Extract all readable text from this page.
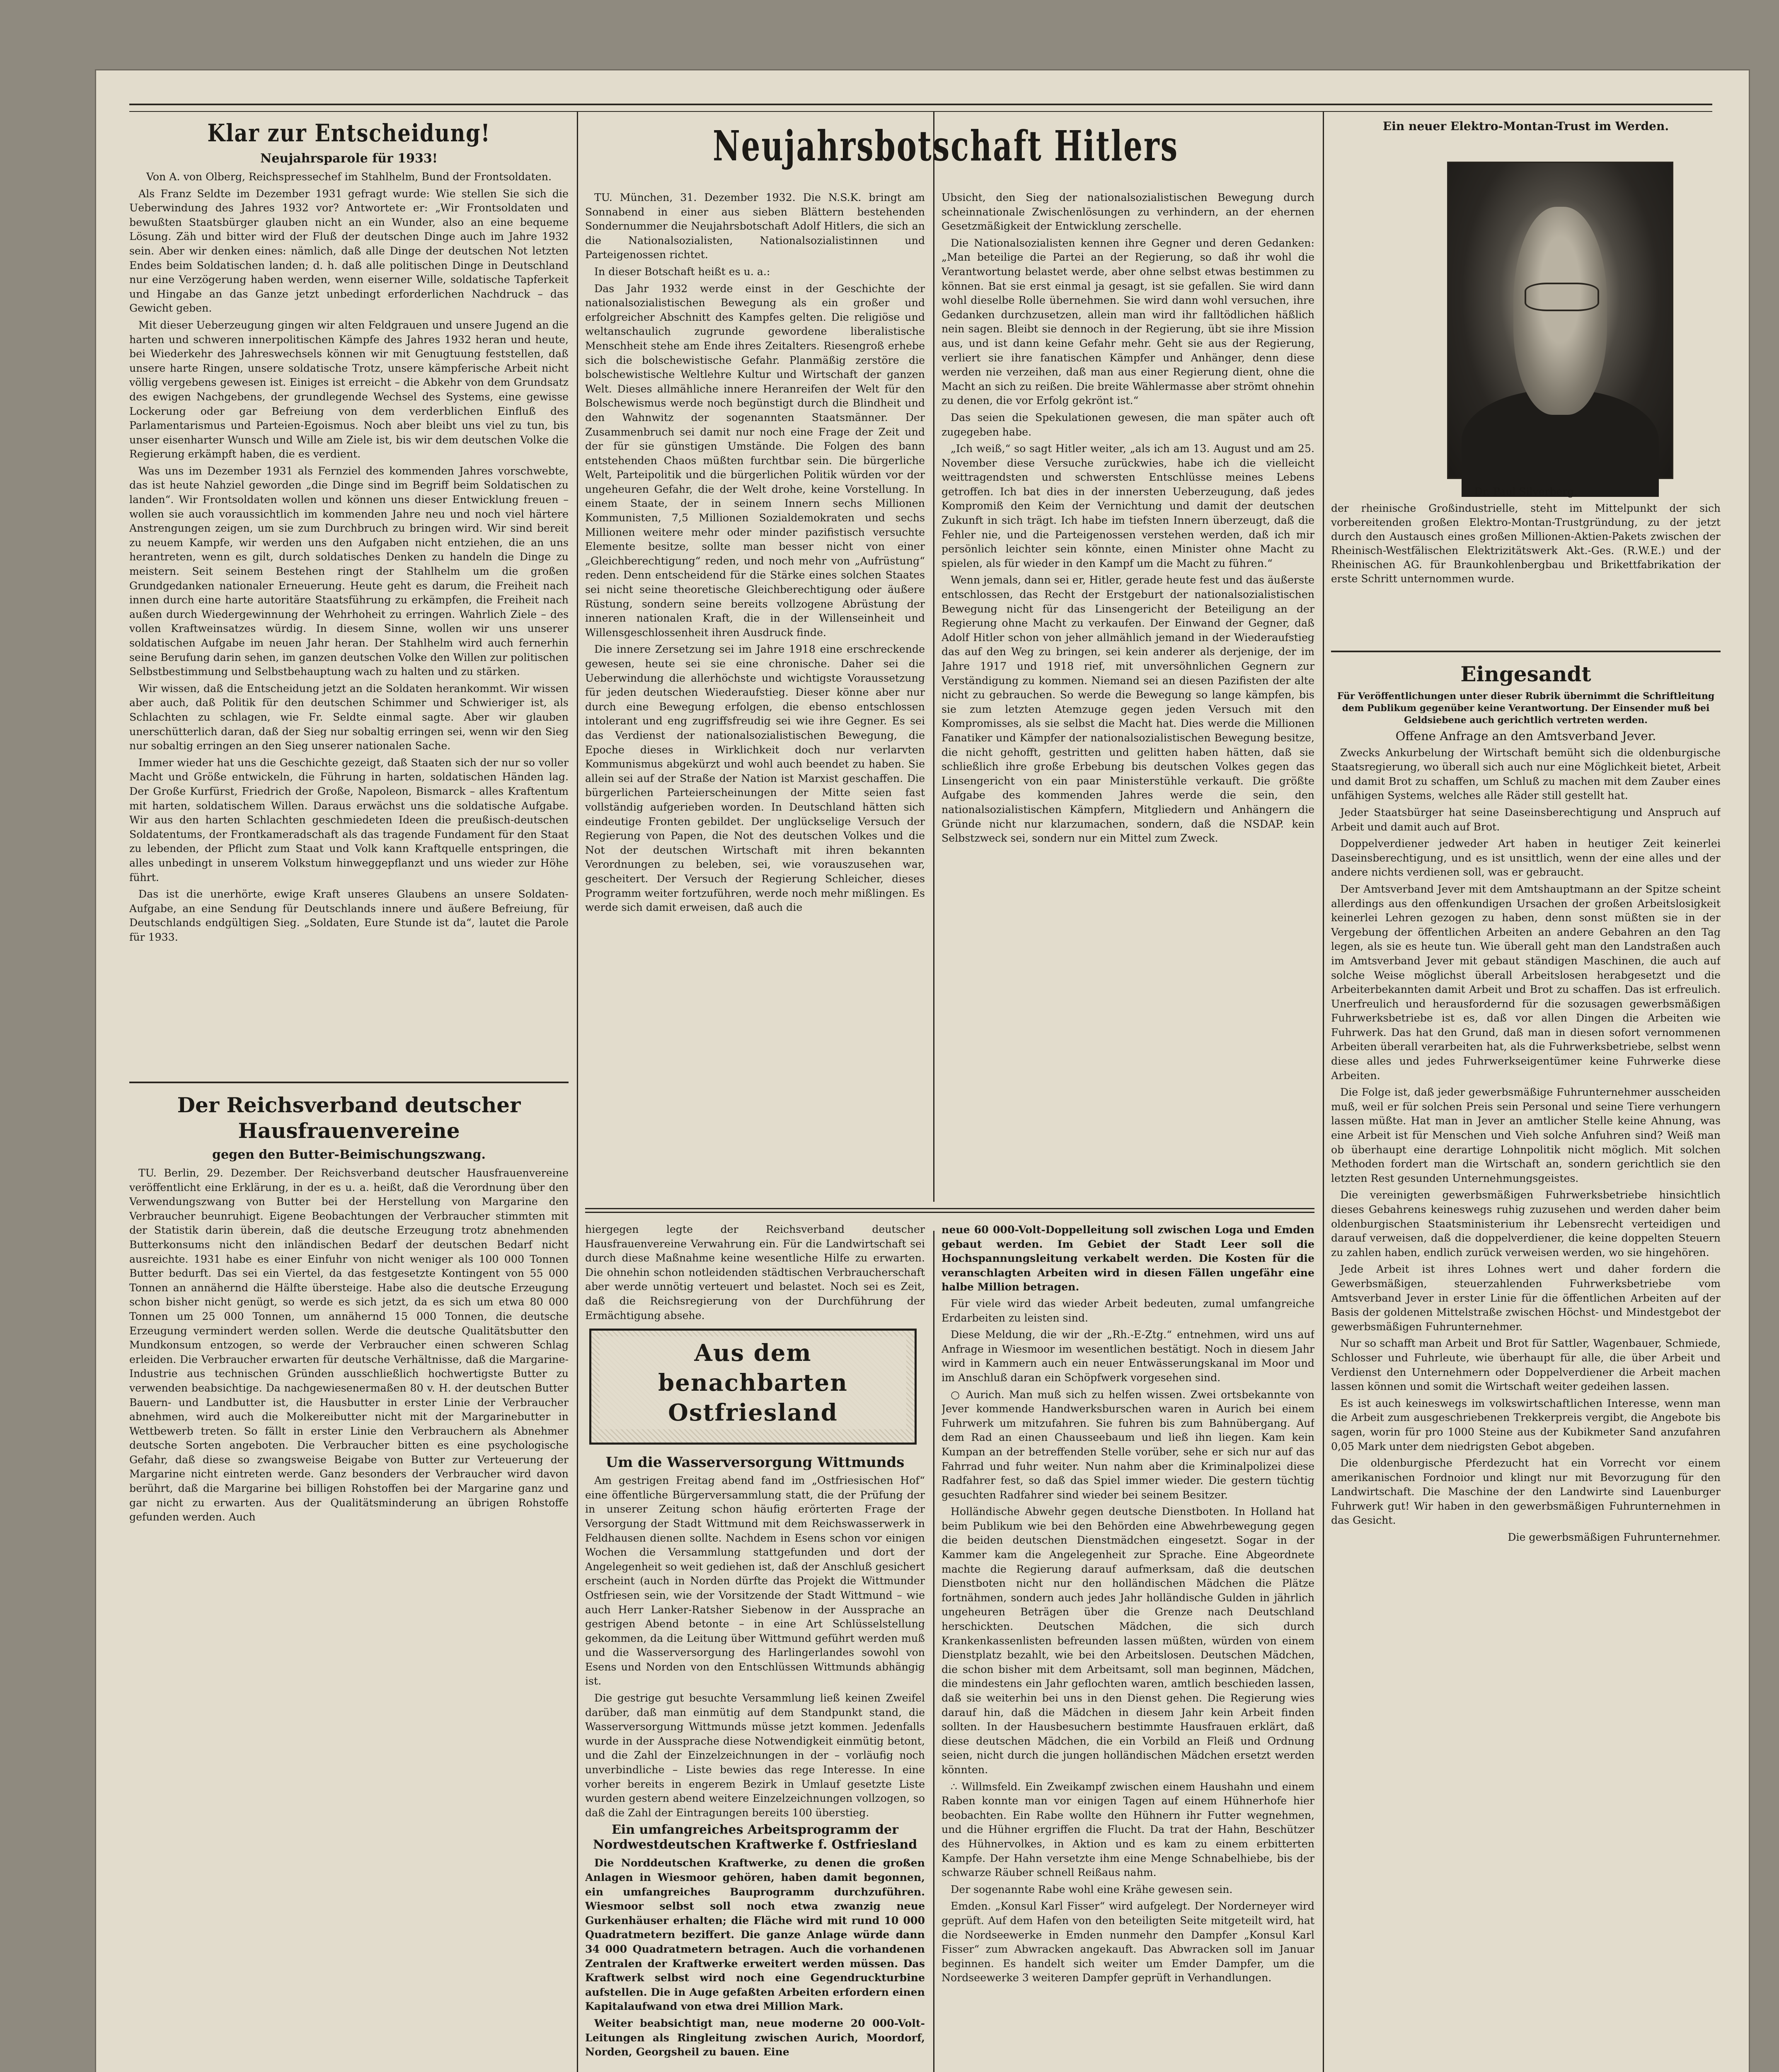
Klar zur Entscheidung!
Neujahrsparole für 1933!

Von A. von Olberg, Reichspressechef im Stahlhelm, Bund der Frontsoldaten.

Als Franz Seldte im Dezember 1931 gefragt wurde: Wie stellen Sie sich die Ueberwindung des Jahres 1932 vor? Antwortete er: „Wir Frontsoldaten und bewußten Staatsbürger glauben nicht an ein Wunder, also an eine bequeme Lösung. Zäh und bitter wird der Fluß der deutschen Dinge auch im Jahre 1932 sein. Aber wir denken eines: nämlich, daß alle Dinge der deutschen Not letzten Endes beim Soldatischen landen; d. h. daß alle politischen Dinge in Deutschland nur eine Verzögerung haben werden, wenn eiserner Wille, soldatische Tapferkeit und Hingabe an das Ganze jetzt unbedingt erforderlichen Nachdruck – das Gewicht geben.

Mit dieser Ueberzeugung gingen wir alten Feldgrauen und unsere Jugend an die harten und schweren innerpolitischen Kämpfe des Jahres 1932 heran und heute, bei Wiederkehr des Jahreswechsels können wir mit Genugtuung feststellen, daß unsere harte Ringen, unsere soldatische Trotz, unsere kämpferische Arbeit nicht völlig vergebens gewesen ist. Einiges ist erreicht – die Abkehr von dem Grundsatz des ewigen Nachgebens, der grundlegende Wechsel des Systems, eine gewisse Lockerung oder gar Befreiung von dem verderblichen Einfluß des Parlamentarismus und Parteien-Egoismus. Noch aber bleibt uns viel zu tun, bis unser eisenharter Wunsch und Wille am Ziele ist, bis wir dem deutschen Volke die Regierung erkämpft haben, die es verdient.

Was uns im Dezember 1931 als Fernziel des kommenden Jahres vorschwebte, das ist heute Nahziel geworden „die Dinge sind im Begriff beim Soldatischen zu landen“. Wir Frontsoldaten wollen und können uns dieser Entwicklung freuen – wollen sie auch voraussichtlich im kommenden Jahre neu und noch viel härtere Anstrengungen zeigen, um sie zum Durchbruch zu bringen wird. Wir sind bereit zu neuem Kampfe, wir werden uns den Aufgaben nicht entziehen, die an uns herantreten, wenn es gilt, durch soldatisches Denken zu handeln die Dinge zu meistern. Seit seinem Bestehen ringt der Stahlhelm um die großen Grundgedanken nationaler Erneuerung. Heute geht es darum, die Freiheit nach innen durch eine harte autoritäre Staatsführung zu erkämpfen, die Freiheit nach außen durch Wiedergewinnung der Wehrhoheit zu erringen. Wahrlich Ziele – des vollen Kraftweinsatzes würdig. In diesem Sinne, wollen wir uns unserer soldatischen Aufgabe im neuen Jahr heran. Der Stahlhelm wird auch fernerhin seine Berufung darin sehen, im ganzen deutschen Volke den Willen zur politischen Selbstbestimmung und Selbstbehauptung wach zu halten und zu stärken.

Wir wissen, daß die Entscheidung jetzt an die Soldaten herankommt. Wir wissen aber auch, daß Politik für den deutschen Schimmer und Schwieriger ist, als Schlachten zu schlagen, wie Fr. Seldte einmal sagte. Aber wir glauben unerschütterlich daran, daß der Sieg nur sobaltig erringen sei, wenn wir den Sieg nur sobaltig erringen an den Sieg unserer nationalen Sache.

Immer wieder hat uns die Geschichte gezeigt, daß Staaten sich der nur so voller Macht und Größe entwickeln, die Führung in harten, soldatischen Händen lag. Der Große Kurfürst, Friedrich der Große, Napoleon, Bismarck – alles Kraftentum mit harten, soldatischem Willen. Daraus erwächst uns die soldatische Aufgabe. Wir aus den harten Schlachten geschmiedeten Ideen die preußisch-deutschen Soldatentums, der Frontkameradschaft als das tragende Fundament für den Staat zu lebenden, der Pflicht zum Staat und Volk kann Kraftquelle entspringen, die alles unbedingt in unserem Volkstum hinweggepflanzt und uns wieder zur Höhe führt.

Das ist die unerhörte, ewige Kraft unseres Glaubens an unsere Soldaten-Aufgabe, an eine Sendung für Deutschlands innere und äußere Befreiung, für Deutschlands endgültigen Sieg. „Soldaten, Eure Stunde ist da“, lautet die Parole für 1933.

Der Reichsverband deutscher Hausfrauenvereine
gegen den Butter-Beimischungszwang.

TU. Berlin, 29. Dezember. Der Reichsverband deutscher Hausfrauenvereine veröffentlicht eine Erklärung, in der es u. a. heißt, daß die Verordnung über den Verwendungszwang von Butter bei der Herstellung von Margarine den Verbraucher beunruhigt. Eigene Beobachtungen der Verbraucher stimmten mit der Statistik darin überein, daß die deutsche Erzeugung trotz abnehmenden Butterkonsums nicht den inländischen Bedarf der deutschen Bedarf nicht ausreichte. 1931 habe es einer Einfuhr von nicht weniger als 100 000 Tonnen Butter bedurft. Das sei ein Viertel, da das festgesetzte Kontingent von 55 000 Tonnen an annähernd die Hälfte übersteige. Habe also die deutsche Erzeugung schon bisher nicht genügt, so werde es sich jetzt, da es sich um etwa 80 000 Tonnen um 25 000 Tonnen, um annähernd 15 000 Tonnen, die deutsche Erzeugung vermindert werden sollen. Werde die deutsche Qualitätsbutter den Mundkonsum entzogen, so werde der Verbraucher einen schweren Schlag erleiden. Die Verbraucher erwarten für deutsche Verhältnisse, daß die Margarine-Industrie aus technischen Gründen ausschließlich hochwertigste Butter zu verwenden beabsichtige. Da nachgewiesenermaßen 80 v. H. der deutschen Butter Bauern- und Landbutter ist, die Hausbutter in erster Linie der Verbraucher abnehmen, wird auch die Molkereibutter nicht mit der Margarinebutter in Wettbewerb treten. So fällt in erster Linie den Verbrauchern als Abnehmer deutsche Sorten angeboten. Die Verbraucher bitten es eine psychologische Gefahr, daß diese so zwangsweise Beigabe von Butter zur Verteuerung der Margarine nicht eintreten werde. Ganz besonders der Verbraucher wird davon berührt, daß die Margarine bei billigen Rohstoffen bei der Margarine ganz und gar nicht zu erwarten. Aus der Qualitätsminderung an übrigen Rohstoffe gefunden werden. Auch

Neujahrsbotschaft Hitlers

TU. München, 31. Dezember 1932. Die N.S.K. bringt am Sonnabend in einer aus sieben Blättern bestehenden Sondernummer die Neujahrsbotschaft Adolf Hitlers, die sich an die Nationalsozialisten, Nationalsozialistinnen und Parteigenossen richtet.

In dieser Botschaft heißt es u. a.:

Das Jahr 1932 werde einst in der Geschichte der nationalsozialistischen Bewegung als ein großer und erfolgreicher Abschnitt des Kampfes gelten. Die religiöse und weltanschaulich zugrunde gewordene liberalistische Menschheit stehe am Ende ihres Zeitalters. Riesengroß erhebe sich die bolschewistische Gefahr. Planmäßig zerstöre die bolschewistische Weltlehre Kultur und Wirtschaft der ganzen Welt. Dieses allmähliche innere Heranreifen der Welt für den Bolschewismus werde noch begünstigt durch die Blindheit und den Wahnwitz der sogenannten Staatsmänner. Der Zusammenbruch sei damit nur noch eine Frage der Zeit und der für sie günstigen Umstände. Die Folgen des bann entstehenden Chaos müßten furchtbar sein. Die bürgerliche Welt, Parteipolitik und die bürgerlichen Politik würden vor der ungeheuren Gefahr, die der Welt drohe, keine Vorstellung. In einem Staate, der in seinem Innern sechs Millionen Kommunisten, 7,5 Millionen Sozialdemokraten und sechs Millionen weitere mehr oder minder pazifistisch versuchte Elemente besitze, sollte man besser nicht von einer „Gleichberechtigung“ reden, und noch mehr von „Aufrüstung“ reden. Denn entscheidend für die Stärke eines solchen Staates sei nicht seine theoretische Gleichberechtigung oder äußere Rüstung, sondern seine bereits vollzogene Abrüstung der inneren nationalen Kraft, die in der Willenseinheit und Willensgeschlossenheit ihren Ausdruck finde.

Die innere Zersetzung sei im Jahre 1918 eine erschreckende gewesen, heute sei sie eine chronische. Daher sei die Ueberwindung die allerhöchste und wichtigste Voraussetzung für jeden deutschen Wiederaufstieg. Dieser könne aber nur durch eine Bewegung erfolgen, die ebenso entschlossen intolerant und eng zugriffsfreudig sei wie ihre Gegner. Es sei das Verdienst der nationalsozialistischen Bewegung, die Epoche dieses in Wirklichkeit doch nur verlarvten Kommunismus abgekürzt und wohl auch beendet zu haben. Sie allein sei auf der Straße der Nation ist Marxist geschaffen. Die bürgerlichen Parteierscheinungen der Mitte seien fast vollständig aufgerieben worden. In Deutschland hätten sich eindeutige Fronten gebildet. Der unglückselige Versuch der Regierung von Papen, die Not des deutschen Volkes und die Not der deutschen Wirtschaft mit ihren bekannten Verordnungen zu beleben, sei, wie vorauszusehen war, gescheitert. Der Versuch der Regierung Schleicher, dieses Programm weiter fortzuführen, werde noch mehr mißlingen. Es werde sich damit erweisen, daß auch die

Ubsicht, den Sieg der nationalsozialistischen Bewegung durch scheinnationale Zwischenlösungen zu verhindern, an der ehernen Gesetzmäßigkeit der Entwicklung zerschelle.

Die Nationalsozialisten kennen ihre Gegner und deren Gedanken: „Man beteilige die Partei an der Regierung, so daß ihr wohl die Verantwortung belastet werde, aber ohne selbst etwas bestimmen zu können. Bat sie erst einmal ja gesagt, ist sie gefallen. Sie wird dann wohl dieselbe Rolle übernehmen. Sie wird dann wohl versuchen, ihre Gedanken durchzusetzen, allein man wird ihr falltödlichen häßlich nein sagen. Bleibt sie dennoch in der Regierung, übt sie ihre Mission aus, und ist dann keine Gefahr mehr. Geht sie aus der Regierung, verliert sie ihre fanatischen Kämpfer und Anhänger, denn diese werden nie verzeihen, daß man aus einer Regierung dient, ohne die Macht an sich zu reißen. Die breite Wählermasse aber strömt ohnehin zu denen, die vor Erfolg gekrönt ist.“

Das seien die Spekulationen gewesen, die man später auch oft zugegeben habe.

„Ich weiß,“ so sagt Hitler weiter, „als ich am 13. August und am 25. November diese Versuche zurückwies, habe ich die vielleicht weittragendsten und schwersten Entschlüsse meines Lebens getroffen. Ich bat dies in der innersten Ueberzeugung, daß jedes Kompromiß den Keim der Vernichtung und damit der deutschen Zukunft in sich trägt. Ich habe im tiefsten Innern überzeugt, daß die Fehler nie, und die Parteigenossen verstehen werden, daß ich mir persönlich leichter sein könnte, einen Minister ohne Macht zu spielen, als für wieder in den Kampf um die Macht zu führen.“

Wenn jemals, dann sei er, Hitler, gerade heute fest und das äußerste entschlossen, das Recht der Erstgeburt der nationalsozialistischen Bewegung nicht für das Linsengericht der Beteiligung an der Regierung ohne Macht zu verkaufen. Der Einwand der Gegner, daß Adolf Hitler schon von jeher allmählich jemand in der Wiederaufstieg das auf den Weg zu bringen, sei kein anderer als derjenige, der im Jahre 1917 und 1918 rief, mit unversöhnlichen Gegnern zur Verständigung zu kommen. Niemand sei an diesen Pazifisten der alte nicht zu gebrauchen. So werde die Bewegung so lange kämpfen, bis sie zum letzten Atemzuge gegen jeden Versuch mit den Kompromisses, als sie selbst die Macht hat. Dies werde die Millionen Fanatiker und Kämpfer der nationalsozialistischen Bewegung besitze, die nicht gehofft, gestritten und gelitten haben hätten, daß sie schließlich ihre große Erbebung bis deutschen Volkes gegen das Linsengericht von ein paar Ministerstühle verkauft. Die größte Aufgabe des kommenden Jahres werde die sein, den nationalsozialistischen Kämpfern, Mitgliedern und Anhängern die Gründe nicht nur klarzumachen, sondern, daß die NSDAP. kein Selbstzweck sei, sondern nur ein Mittel zum Zweck.

hiergegen legte der Reichsverband deutscher Hausfrauenvereine Verwahrung ein. Für die Landwirtschaft sei durch diese Maßnahme keine wesentliche Hilfe zu erwarten. Die ohnehin schon notleidenden städtischen Verbraucherschaft aber werde unnötig verteuert und belastet. Noch sei es Zeit, daß die Reichsregierung von der Durchführung der Ermächtigung absehe.

Aus dem benachbarten Ostfriesland
Um die Wasserversorgung Wittmunds

Am gestrigen Freitag abend fand im „Ostfriesischen Hof“ eine öffentliche Bürgerversammlung statt, die der Prüfung der in unserer Zeitung schon häufig erörterten Frage der Versorgung der Stadt Wittmund mit dem Reichswasserwerk in Feldhausen dienen sollte. Nachdem in Esens schon vor einigen Wochen die Versammlung stattgefunden und dort der Angelegenheit so weit gediehen ist, daß der Anschluß gesichert erscheint (auch in Norden dürfte das Projekt die Wittmunder Ostfriesen sein, wie der Vorsitzende der Stadt Wittmund – wie auch Herr Lanker-Ratsher Siebenow in der Aussprache an gestrigen Abend betonte – in eine Art Schlüsselstellung gekommen, da die Leitung über Wittmund geführt werden muß und die Wasserversorgung des Harlingerlandes sowohl von Esens und Norden von den Entschlüssen Wittmunds abhängig ist.

Die gestrige gut besuchte Versammlung ließ keinen Zweifel darüber, daß man einmütig auf dem Standpunkt stand, die Wasserversorgung Wittmunds müsse jetzt kommen. Jedenfalls wurde in der Aussprache diese Notwendigkeit einmütig betont, und die Zahl der Einzelzeichnungen in der – vorläufig noch unverbindliche – Liste bewies das rege Interesse. In eine vorher bereits in engerem Bezirk in Umlauf gesetzte Liste wurden gestern abend weitere Einzelzeichnungen vollzogen, so daß die Zahl der Eintragungen bereits 100 überstieg.

Ein umfangreiches Arbeitsprogramm der Nordwestdeutschen Kraftwerke f. Ostfriesland

Die Norddeutschen Kraftwerke, zu denen die großen Anlagen in Wiesmoor gehören, haben damit begonnen, ein umfangreiches Bauprogramm durchzuführen. Wiesmoor selbst soll noch etwa zwanzig neue Gurkenhäuser erhalten; die Fläche wird mit rund 10 000 Quadratmetern beziffert. Die ganze Anlage würde dann 34 000 Quadratmetern betragen. Auch die vorhandenen Zentralen der Kraftwerke erweitert werden müssen. Das Kraftwerk selbst wird noch eine Gegendruckturbine aufstellen. Die in Auge gefaßten Arbeiten erfordern einen Kapitalaufwand von etwa drei Million Mark.

Weiter beabsichtigt man, neue moderne 20 000-Volt-Leitungen als Ringleitung zwischen Aurich, Moordorf, Norden, Georgsheil zu bauen. Eine

neue 60 000-Volt-Doppelleitung soll zwischen Loga und Emden gebaut werden. Im Gebiet der Stadt Leer soll die Hochspannungsleitung verkabelt werden. Die Kosten für die veranschlagten Arbeiten wird in diesen Fällen ungefähr eine halbe Million betragen.

Für viele wird das wieder Arbeit bedeuten, zumal umfangreiche Erdarbeiten zu leisten sind.

Diese Meldung, die wir der „Rh.-E-Ztg.“ entnehmen, wird uns auf Anfrage in Wiesmoor im wesentlichen bestätigt. Noch in diesem Jahr wird in Kammern auch ein neuer Entwässerungskanal im Moor und im Anschluß daran ein Schöpfwerk vorgesehen sind.

○ Aurich. Man muß sich zu helfen wissen. Zwei ortsbekannte von Jever kommende Handwerksburschen waren in Aurich bei einem Fuhrwerk um mitzufahren. Sie fuhren bis zum Bahnübergang. Auf dem Rad an einen Chausseebaum und ließ ihn liegen. Kam kein Kumpan an der betreffenden Stelle vorüber, sehe er sich nur auf das Fahrrad und fuhr weiter. Nun nahm aber die Kriminalpolizei diese Radfahrer fest, so daß das Spiel immer wieder. Die gestern tüchtig gesuchten Radfahrer sind wieder bei seinem Besitzer.

Holländische Abwehr gegen deutsche Dienstboten. In Holland hat beim Publikum wie bei den Behörden eine Abwehrbewegung gegen die beiden deutschen Dienstmädchen eingesetzt. Sogar in der Kammer kam die Angelegenheit zur Sprache. Eine Abgeordnete machte die Regierung darauf aufmerksam, daß die deutschen Dienstboten nicht nur den holländischen Mädchen die Plätze fortnähmen, sondern auch jedes Jahr holländische Gulden in jährlich ungeheuren Beträgen über die Grenze nach Deutschland herschickten. Deutschen Mädchen, die sich durch Krankenkassenlisten befreunden lassen müßten, würden von einem Dienstplatz bezahlt, wie bei den Arbeitslosen. Deutschen Mädchen, die schon bisher mit dem Arbeitsamt, soll man beginnen, Mädchen, die mindestens ein Jahr geflochten waren, amtlich beschieden lassen, daß sie weiterhin bei uns in den Dienst gehen. Die Regierung wies darauf hin, daß die Mädchen in diesem Jahr kein Arbeit finden sollten. In der Hausbesuchern bestimmte Hausfrauen erklärt, daß diese deutschen Mädchen, die ein Vorbild an Fleiß und Ordnung seien, nicht durch die jungen holländischen Mädchen ersetzt werden könnten.

∴ Willmsfeld. Ein Zweikampf zwischen einem Haushahn und einem Raben konnte man vor einigen Tagen auf einem Hühnerhofe hier beobachten. Ein Rabe wollte den Hühnern ihr Futter wegnehmen, und die Hühner ergriffen die Flucht. Da trat der Hahn, Beschützer des Hühnervolkes, in Aktion und es kam zu einem erbitterten Kampfe. Der Hahn versetzte ihm eine Menge Schnabelhiebe, bis der schwarze Räuber schnell Reißaus nahm.

Der sogenannte Rabe wohl eine Krähe gewesen sein.

Emden. „Konsul Karl Fisser“ wird aufgelegt. Der Norderneyer wird geprüft. Auf dem Hafen von den beteiligten Seite mitgeteilt wird, hat die Nordseewerke in Emden nunmehr den Dampfer „Konsul Karl Fisser“ zum Abwracken angekauft. Das Abwracken soll im Januar beginnen. Es handelt sich weiter um Emder Dampfer, um die Nordseewerke 3 weiteren Dampfer geprüft in Verhandlungen.

Ein neuer Elektro-Montan-Trust im Werden.

Dr. Paul Silverberg,

der rheinische Großindustrielle, steht im Mittelpunkt der sich vorbereitenden großen Elektro-Montan-Trustgründung, zu der jetzt durch den Austausch eines großen Millionen-Aktien-Pakets zwischen der Rheinisch-Westfälischen Elektrizitätswerk Akt.-Ges. (R.W.E.) und der Rheinischen AG. für Braunkohlenbergbau und Brikettfabrikation der erste Schritt unternommen wurde.

Eingesandt

Für Veröffentlichungen unter dieser Rubrik übernimmt die Schriftleitung dem Publikum gegenüber keine Verantwortung. Der Einsender muß bei Geldsiebene auch gerichtlich vertreten werden.

Offene Anfrage an den Amtsverband Jever.

Zwecks Ankurbelung der Wirtschaft bemüht sich die oldenburgische Staatsregierung, wo überall sich auch nur eine Möglichkeit bietet, Arbeit und damit Brot zu schaffen, um Schluß zu machen mit dem Zauber eines unfähigen Systems, welches alle Räder still gestellt hat.

Jeder Staatsbürger hat seine Daseinsberechtigung und Anspruch auf Arbeit und damit auch auf Brot.

Doppelverdiener jedweder Art haben in heutiger Zeit keinerlei Daseinsberechtigung, und es ist unsittlich, wenn der eine alles und der andere nichts verdienen soll, was er gebraucht.

Der Amtsverband Jever mit dem Amtshauptmann an der Spitze scheint allerdings aus den offenkundigen Ursachen der großen Arbeitslosigkeit keinerlei Lehren gezogen zu haben, denn sonst müßten sie in der Vergebung der öffentlichen Arbeiten an andere Gebahren an den Tag legen, als sie es heute tun. Wie überall geht man den Landstraßen auch im Amtsverband Jever mit gebaut ständigen Maschinen, die auch auf solche Weise möglichst überall Arbeitslosen herabgesetzt und die Arbeiterbekannten damit Arbeit und Brot zu schaffen. Das ist erfreulich. Unerfreulich und herausfordernd für die sozusagen gewerbsmäßigen Fuhrwerksbetriebe ist es, daß vor allen Dingen die Arbeiten wie Fuhrwerk. Das hat den Grund, daß man in diesen sofort vernommenen Arbeiten überall verarbeiten hat, als die Fuhrwerksbetriebe, selbst wenn diese alles und jedes Fuhrwerkseigentümer keine Fuhrwerke diese Arbeiten.

Die Folge ist, daß jeder gewerbsmäßige Fuhrunternehmer ausscheiden muß, weil er für solchen Preis sein Personal und seine Tiere verhungern lassen müßte. Hat man in Jever an amtlicher Stelle keine Ahnung, was eine Arbeit ist für Menschen und Vieh solche Anfuhren sind? Weiß man ob überhaupt eine derartige Lohnpolitik nicht möglich. Mit solchen Methoden fordert man die Wirtschaft an, sondern gerichtlich sie den letzten Rest gesunden Unternehmungsgeistes.

Die vereinigten gewerbsmäßigen Fuhrwerksbetriebe hinsichtlich dieses Gebahrens keineswegs ruhig zuzusehen und werden daher beim oldenburgischen Staatsministerium ihr Lebensrecht verteidigen und darauf verweisen, daß die doppelverdiener, die keine doppelten Steuern zu zahlen haben, endlich zurück verweisen werden, wo sie hingehören.

Jede Arbeit ist ihres Lohnes wert und daher fordern die Gewerbsmäßigen, steuerzahlenden Fuhrwerksbetriebe vom Amtsverband Jever in erster Linie für die öffentlichen Arbeiten auf der Basis der goldenen Mittelstraße zwischen Höchst- und Mindestgebot der gewerbsmäßigen Fuhrunternehmer.

Nur so schafft man Arbeit und Brot für Sattler, Wagenbauer, Schmiede, Schlosser und Fuhrleute, wie überhaupt für alle, die über Arbeit und Verdienst den Unternehmern oder Doppelverdiener die Arbeit machen lassen können und somit die Wirtschaft weiter gedeihen lassen.

Es ist auch keineswegs im volkswirtschaftlichen Interesse, wenn man die Arbeit zum ausgeschriebenen Trekkerpreis vergibt, die Angebote bis sagen, worin für pro 1000 Steine aus der Kubikmeter Sand anzufahren 0,05 Mark unter dem niedrigsten Gebot abgeben.

Die oldenburgische Pferdezucht hat ein Vorrecht vor einem amerikanischen Fordnoior und klingt nur mit Bevorzugung für den Landwirtschaft. Die Maschine der den Landwirte sind Lauenburger Fuhrwerk gut! Wir haben in den gewerbsmäßigen Fuhrunternehmen in das Gesicht.

Die gewerbsmäßigen Fuhrunternehmer.
